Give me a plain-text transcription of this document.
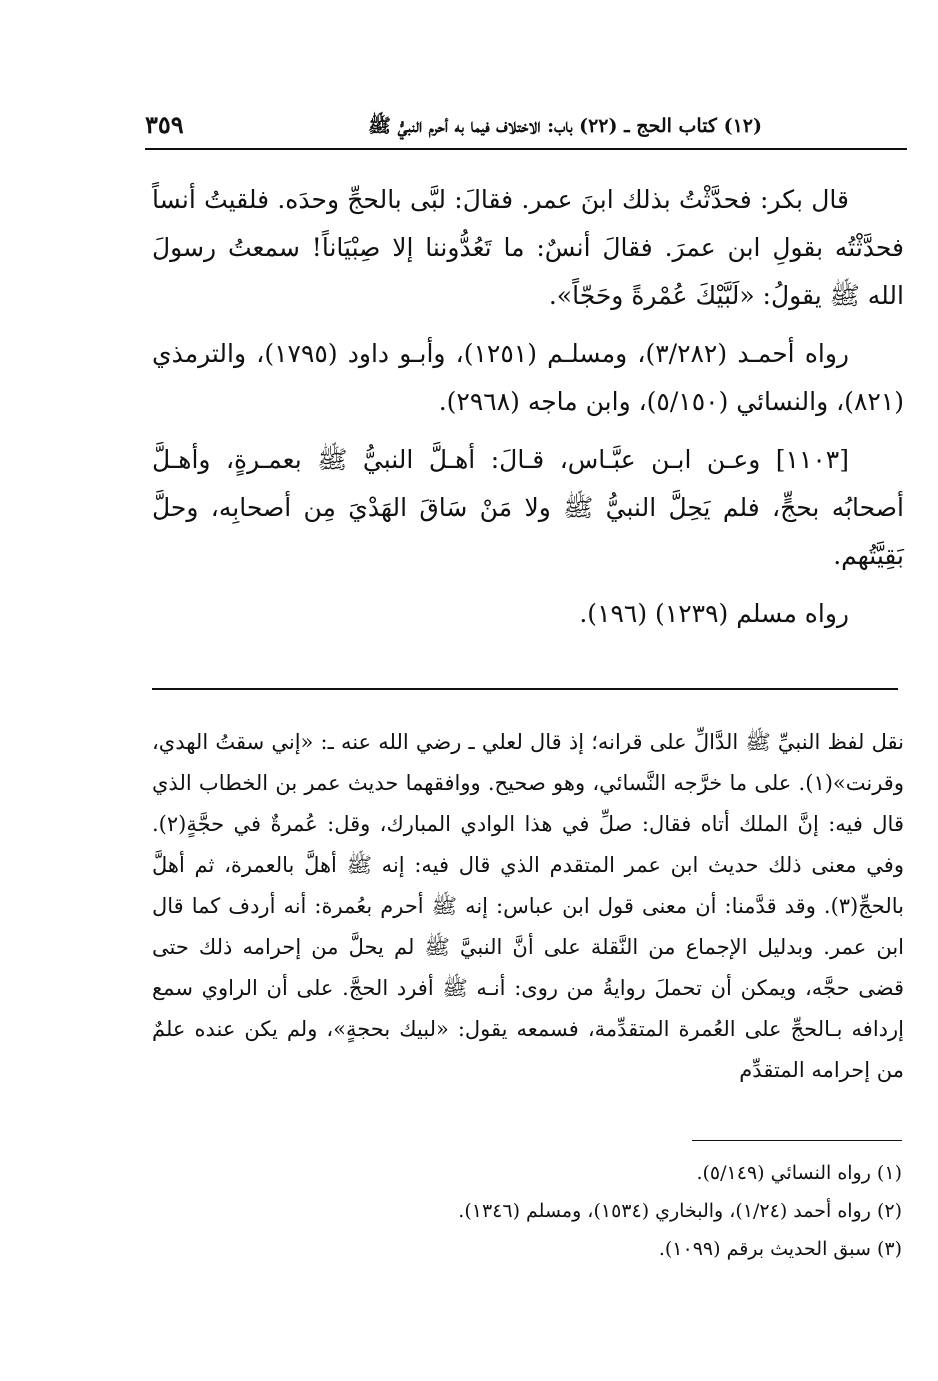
٣٥٩	(١٢) كتاب الحج ـ (٢٢) باب: الاختلاف فيما به أحرم النبيُّ ﷺ

قال بكر: فحدَّثْتُ بذلك ابنَ عمر. فقالَ: لبَّى بالحجِّ وحدَه. فلقيتُ أنساً فحدَّثْتُه بقولِ ابن عمرَ. فقالَ أنسٌ: ما تَعُدُّوننا إلا صِبْيَاناً! سمعتُ رسولَ الله ﷺ يقولُ: «لَبَّيْكَ عُمْرةً وحَجّاً».

رواه أحمـد (٣/٢٨٢)، ومسلـم (١٢٥١)، وأبـو داود (١٧٩٥)، والترمذي (٨٢١)، والنسائي (٥/١٥٠)، وابن ماجه (٢٩٦٨).

[١١٠٣] وعـن ابـن عبَّـاس، قـالَ: أهـلَّ النبيُّ ﷺ بعمـرةٍ، وأهـلَّ أصحابُه بحجٍّ، فلم يَحِلَّ النبيُّ ﷺ ولا مَنْ سَاقَ الهَدْيَ مِن أصحابِه، وحلَّ بَقِيَّتُهم.

رواه مسلم (١٢٣٩) (١٩٦).

نقل لفظ النبيِّ ﷺ الدَّالِّ على قرانه؛ إذ قال لعلي ـ رضي الله عنه ـ: «إني سقتُ الهدي، وقرنت»(١). على ما خرَّجه النَّسائي، وهو صحيح. ووافقهما حديث عمر بن الخطاب الذي قال فيه: إنَّ الملك أتاه فقال: صلِّ في هذا الوادي المبارك، وقل: عُمرةٌ في حجَّةٍ(٢). وفي معنى ذلك حديث ابن عمر المتقدم الذي قال فيه: إنه ﷺ أهلَّ بالعمرة، ثم أهلَّ بالحجِّ(٣). وقد قدَّمنا: أن معنى قول ابن عباس: إنه ﷺ أحرم بعُمرة: أنه أردف كما قال ابن عمر. وبدليل الإجماع من النَّقلة على أنَّ النبيَّ ﷺ لم يحلَّ من إحرامه ذلك حتى قضى حجَّه، ويمكن أن تحملَ روايةُ من روى: أنـه ﷺ أفرد الحجَّ. على أن الراوي سمع إردافه بـالحجِّ على العُمرة المتقدِّمة، فسمعه يقول: «لبيك بحجةٍ»، ولم يكن عنده علمٌ من إحرامه المتقدِّم

(١) رواه النسائي (٥/١٤٩).

(٢) رواه أحمد (١/٢٤)، والبخاري (١٥٣٤)، ومسلم (١٣٤٦).

(٣) سبق الحديث برقم (١٠٩٩).
